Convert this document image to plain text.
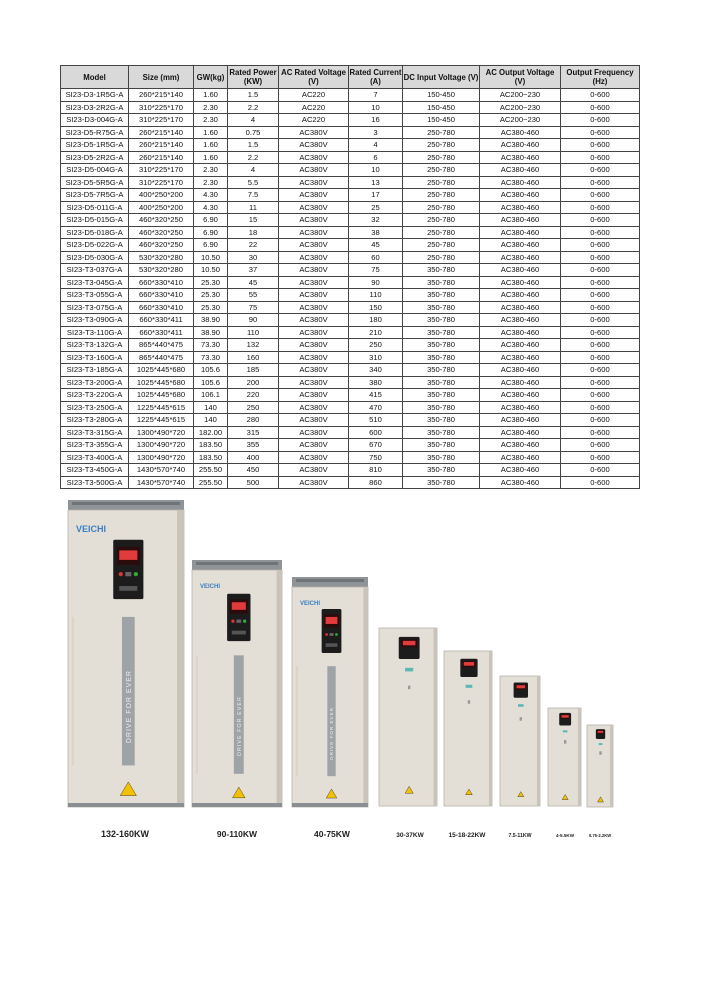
Model	Size (mm)	GW(kg)	Rated Power (KW)	AC Rated Voltage (V)	Rated Current (A)	DC Input Voltage (V)	AC Output Voltage (V)	Output Frequency (Hz)
SI23-D3-1R5G-A	260*215*140	1.60	1.5	AC220	7	150-450	AC200~230	0-600
SI23-D3-2R2G-A	310*225*170	2.30	2.2	AC220	10	150-450	AC200~230	0-600
SI23-D3-004G-A	310*225*170	2.30	4	AC220	16	150-450	AC200~230	0-600
SI23-D5-R75G-A	260*215*140	1.60	0.75	AC380V	3	250-780	AC380-460	0-600
SI23-D5-1R5G-A	260*215*140	1.60	1.5	AC380V	4	250-780	AC380-460	0-600
SI23-D5-2R2G-A	260*215*140	1.60	2.2	AC380V	6	250-780	AC380-460	0-600
SI23-D5-004G-A	310*225*170	2.30	4	AC380V	10	250-780	AC380-460	0-600
SI23-D5-5R5G-A	310*225*170	2.30	5.5	AC380V	13	250-780	AC380-460	0-600
SI23-D5-7R5G-A	400*250*200	4.30	7.5	AC380V	17	250-780	AC380-460	0-600
SI23-D5-011G-A	400*250*200	4.30	11	AC380V	25	250-780	AC380-460	0-600
SI23-D5-015G-A	460*320*250	6.90	15	AC380V	32	250-780	AC380-460	0-600
SI23-D5-018G-A	460*320*250	6.90	18	AC380V	38	250-780	AC380-460	0-600
SI23-D5-022G-A	460*320*250	6.90	22	AC380V	45	250-780	AC380-460	0-600
SI23-D5-030G-A	530*320*280	10.50	30	AC380V	60	250-780	AC380-460	0-600
SI23-T3-037G-A	530*320*280	10.50	37	AC380V	75	350-780	AC380-460	0-600
SI23-T3-045G-A	660*330*410	25.30	45	AC380V	90	350-780	AC380-460	0-600
SI23-T3-055G-A	660*330*410	25.30	55	AC380V	110	350-780	AC380-460	0-600
SI23-T3-075G-A	660*330*410	25.30	75	AC380V	150	350-780	AC380-460	0-600
SI23-T3-090G-A	660*330*411	38.90	90	AC380V	180	350-780	AC380-460	0-600
SI23-T3-110G-A	660*330*411	38.90	110	AC380V	210	350-780	AC380-460	0-600
SI23-T3-132G-A	865*440*475	73.30	132	AC380V	250	350-780	AC380-460	0-600
SI23-T3-160G-A	865*440*475	73.30	160	AC380V	310	350-780	AC380-460	0-600
SI23-T3-185G-A	1025*445*680	105.6	185	AC380V	340	350-780	AC380-460	0-600
SI23-T3-200G-A	1025*445*680	105.6	200	AC380V	380	350-780	AC380-460	0-600
SI23-T3-220G-A	1025*445*680	106.1	220	AC380V	415	350-780	AC380-460	0-600
SI23-T3-250G-A	1225*445*615	140	250	AC380V	470	350-780	AC380-460	0-600
SI23-T3-280G-A	1225*445*615	140	280	AC380V	510	350-780	AC380-460	0-600
SI23-T3-315G-A	1300*490*720	182.00	315	AC380V	600	350-780	AC380-460	0-600
SI23-T3-355G-A	1300*490*720	183.50	355	AC380V	670	350-780	AC380-460	0-600
SI23-T3-400G-A	1300*490*720	183.50	400	AC380V	750	350-780	AC380-460	0-600
SI23-T3-450G-A	1430*570*740	255.50	450	AC380V	810	350-780	AC380-460	0-600
SI23-T3-500G-A	1430*570*740	255.50	500	AC380V	860	350-780	AC380-460	0-600
VEICHI
DRIVE FOR EVER
132-160KW
VEICHI
DRIVE FOR EVER
90-110KW
VEICHI
DRIVE FOR EVER
40-75KW	30-37KW	15-18-22KW	7.5-11KW	4-5.5KW	0.75-2.2KW
